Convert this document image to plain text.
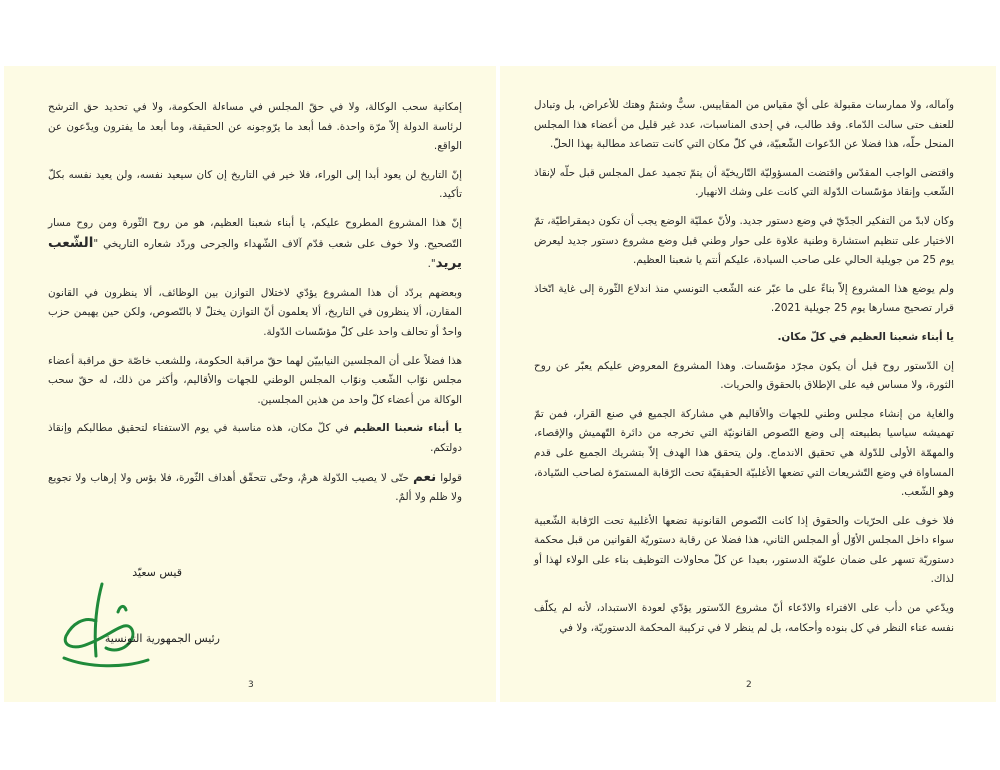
إمكانية سحب الوكالة، ولا في حقّ المجلس في مساءلة الحكومة، ولا في تحديد حق الترشح لرئاسة الدولة إلاّ مرّة واحدة. فما أبعد ما يرّوجونه عن الحقيقة، وما أبعد ما يفترون ويدّعون عن الواقع.

إنّ التاريخ لن يعود أبدا إلى الوراء، فلا خير في التاريخ إن كان سيعيد نفسه، ولن يعيد نفسه بكلّ تأكيد.

إنّ هذا المشروع المطروح عليكم، يا أبناء شعبنا العظيم، هو من روح الثّورة ومن روح مسار التّصحيح. ولا خوف على شعب قدّم آلاف الشّهداء والجرحى وردّد شعاره التاريخي "الشّعب يريد".

وبعضهم يردّد أن هذا المشروع يؤدّي لاختلال التوازن بين الوظائف، ألا ينظرون في القانون المقارن، ألا ينظرون في التاريخ، ألا يعلمون أنّ التوازن يختلّ لا بالنّصوص، ولكن حين يهيمن حزب واحدٌ أو تحالف واحد على كلّ مؤسّسات الدّولة.

هذا فضلاً على أن المجلسين النيابييّن لهما حقّ مراقبة الحكومة، وللشعب خاصّة حق مراقبة أعضاء مجلس نوّاب الشّعب ونوّاب المجلس الوطني للجهات والأقاليم، وأكثر من ذلك، له حقّ سحب الوكالة من أعضاء كلّ واحد من هذين المجلسين.

يا أبناء شعبنا العظيم في كلّ مكان، هذه مناسبة في يوم الاستفتاء لتحقيق مطالبكم وإنقاذ دولتكم.

قولوا نعم حتّى لا يصيب الدّولة هرمٌ، وحتّى تتحقّق أهداف الثّورة، فلا بؤس ولا إرهاب ولا تجويع ولا ظلم ولا ألمٌ.

قيس سعيّد
رئيس الجمهورية التونسية
3

وآماله، ولا ممارسات مقبولة على أيّ مقياس من المقاييس. سبٌّ وشتمٌ وهتك للأعراض، بل وتبادل للعنف حتى سالت الدّماء. وقد طالب، في إحدى المناسبات، عدد غير قليل من أعضاء هذا المجلس المنحل حلّه، هذا فضلا عن الدّعوات الشّعبيّة، في كلّ مكان التي كانت تتصاعد مطالبة بهذا الحلّ.

واقتضى الواجب المقدّس واقتضت المسؤوليّة التّاريخيّة أن يتمّ تجميد عمل المجلس قبل حلّه لإنقاذ الشّعب وإنقاذ مؤسّسات الدّولة التي كانت على وشك الانهيار.

وكان لابدّ من التفكير الجدّيّ في وضع دستور جديد. ولأنّ عمليّة الوضع يجب أن تكون ديمقراطيّة، تمّ الاختيار على تنظيم استشارة وطنية علاوة على حوار وطني قبل وضع مشروع دستور جديد ليعرض يوم 25 من جويلية الحالي على صاحب السيادة، عليكم أنتم يا شعبنا العظيم.

ولم يوضع هذا المشروع إلاّ بناءً على ما عبّر عنه الشّعب التونسي منذ اندلاع الثّورة إلى غاية اتّخاذ قرار تصحيح مسارها يوم 25 جويلية 2021.

يا أبناء شعبنا العظيم في كلّ مكان.

إن الدّستور روح قبل أن يكون مجرّد مؤسّسات. وهذا المشروع المعروض عليكم يعبّر عن روح الثورة، ولا مساس فيه على الإطلاق بالحقوق والحريات.

والغاية من إنشاء مجلس وطني للجهات والأقاليم هي مشاركة الجميع في صنع القرار، فمن تمّ تهميشه سياسيا بطبيعته إلى وضع النّصوص القانونيّة التي تخرجه من دائرة التّهميش والإقصاء، والمهمّة الأولى للدّولة هي تحقيق الاندماج. ولن يتحقق هذا الهدف إلاّ بتشريك الجميع على قدم المساواة في وضع التّشريعات التي تضعها الأغلبيّة الحقيقيّة تحت الرّقابة المستمرّة لصاحب السّيادة، وهو الشّعب.

فلا خوف على الحرّيات والحقوق إذا كانت النّصوص القانونية تضعها الأغلبية تحت الرّقابة الشّعبية سواء داخل المجلس الأوّل أو المجلس الثاني، هذا فضلا عن رقابة دستوريّة القوانين من قبل محكمة دستوريّة تسهر على ضمان علويّة الدستور، بعيدا عن كلّ محاولات التوظيف بناء على الولاء لهذا أو لذاك.

ويدّعي من دأب على الافتراء والادّعاء أنّ مشروع الدّستور يؤدّي لعودة الاستبداد، لأنه لم يكلّف نفسه عناء النظر في كل بنوده وأحكامه، بل لم ينظر لا في تركيبة المحكمة الدستوريّة، ولا في

2
